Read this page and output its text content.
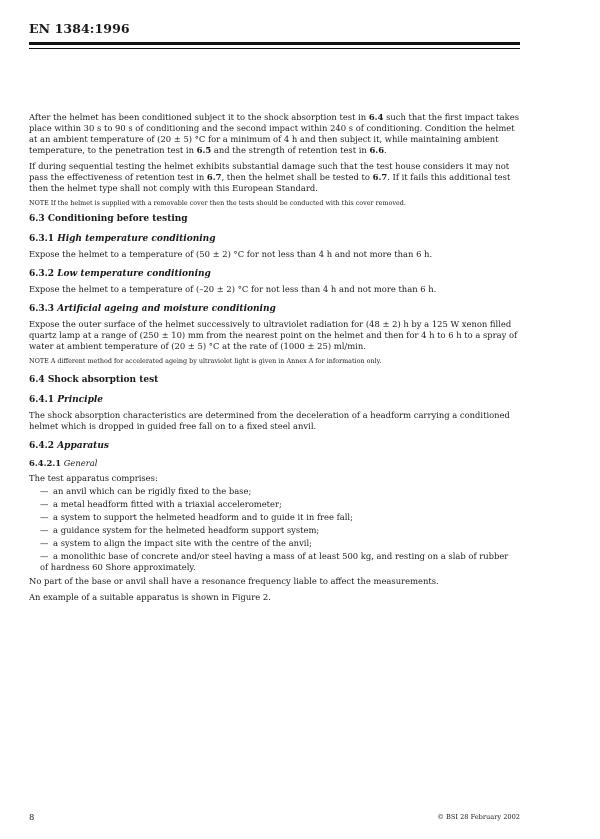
EN 1384:1996

After the helmet has been conditioned subject it to the shock absorption test in 6.4 such that the first impact takes place within 30 s to 90 s of conditioning and the second impact within 240 s of conditioning. Condition the helmet at an ambient temperature of (20 ± 5) °C for a minimum of 4 h and then subject it, while maintaining ambient temperature, to the penetration test in 6.5 and the strength of retention test in 6.6.

If during sequential testing the helmet exhibits substantial damage such that the test house considers it may not pass the effectiveness of retention test in 6.7, then the helmet shall be tested to 6.7. If it fails this additional test then the helmet type shall not comply with this European Standard.

NOTE If the helmet is supplied with a removable cover then the tests should be conducted with this cover removed.

6.3 Conditioning before testing
6.3.1 High temperature conditioning

Expose the helmet to a temperature of (50 ± 2) °C for not less than 4 h and not more than 6 h.

6.3.2 Low temperature conditioning

Expose the helmet to a temperature of (–20 ± 2) °C for not less than 4 h and not more than 6 h.

6.3.3 Artificial ageing and moisture conditioning

Expose the outer surface of the helmet successively to ultraviolet radiation for (48 ± 2) h by a 125 W xenon filled quartz lamp at a range of (250 ± 10) mm from the nearest point on the helmet and then for 4 h to 6 h to a spray of water at ambient temperature of (20 ± 5) °C at the rate of (1000 ± 25) ml/min.

NOTE A different method for accelerated ageing by ultraviolet light is given in Annex A for information only.

6.4 Shock absorption test
6.4.1 Principle

The shock absorption characteristics are determined from the deceleration of a headform carrying a conditioned helmet which is dropped in guided free fall on to a fixed steel anvil.

6.4.2 Apparatus
6.4.2.1 General

The test apparatus comprises:

— an anvil which can be rigidly fixed to the base;
— a metal headform fitted with a triaxial accelerometer;
— a system to support the helmeted headform and to guide it in free fall;
— a guidance system for the helmeted headform support system;
— a system to align the impact site with the centre of the anvil;
— a monolithic base of concrete and/or steel having a mass of at least 500 kg, and resting on a slab of rubber of hardness 60 Shore approximately.

No part of the base or anvil shall have a resonance frequency liable to affect the measurements.

An example of a suitable apparatus is shown in Figure 2.

8	© BSI 28 February 2002
